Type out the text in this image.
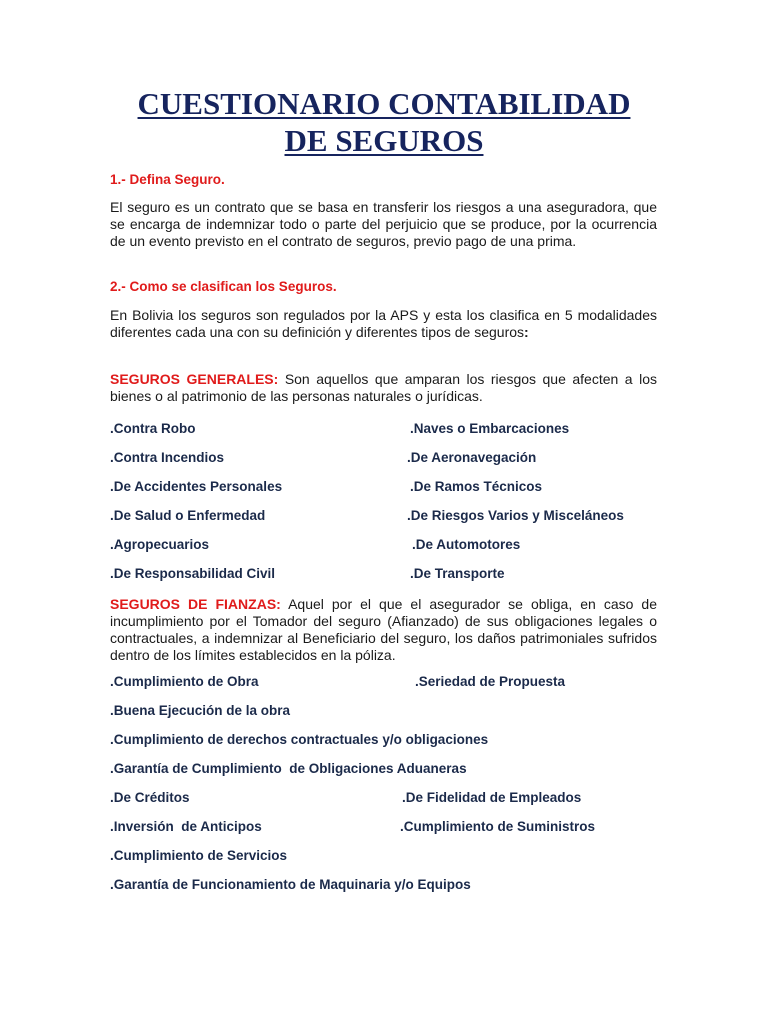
CUESTIONARIO CONTABILIDAD
DE SEGUROS

1.- Defina Seguro.

El seguro es un contrato que se basa en transferir los riesgos a una aseguradora, que se encarga de indemnizar todo o parte del perjuicio que se produce, por la ocurrencia de un evento previsto en el contrato de seguros, previo pago de una prima.

2.- Como se clasifican los Seguros.

En Bolivia los seguros son regulados por la APS y esta los clasifica en 5 modalidades diferentes cada una con su definición y diferentes tipos de seguros:

SEGUROS GENERALES: Son aquellos que amparan los riesgos que afecten a los bienes o al patrimonio de las personas naturales o jurídicas.

.Contra Robo	.Naves o Embarcaciones
.Contra Incendios	.De Aeronavegación
.De Accidentes Personales	.De Ramos Técnicos
.De Salud o Enfermedad	.De Riesgos Varios y Misceláneos
.Agropecuarios	.De Automotores
.De Responsabilidad Civil	.De Transporte

SEGUROS DE FIANZAS: Aquel por el que el asegurador se obliga, en caso de incumplimiento por el Tomador del seguro (Afianzado) de sus obligaciones legales o contractuales, a indemnizar al Beneficiario del seguro, los daños patrimoniales sufridos dentro de los límites establecidos en la póliza.

.Cumplimiento de Obra	.Seriedad de Propuesta
.Buena Ejecución de la obra
.Cumplimiento de derechos contractuales y/o obligaciones
.Garantía de Cumplimiento  de Obligaciones Aduaneras
.De Créditos	.De Fidelidad de Empleados
.Inversión  de Anticipos	.Cumplimiento de Suministros
.Cumplimiento de Servicios
.Garantía de Funcionamiento de Maquinaria y/o Equipos
